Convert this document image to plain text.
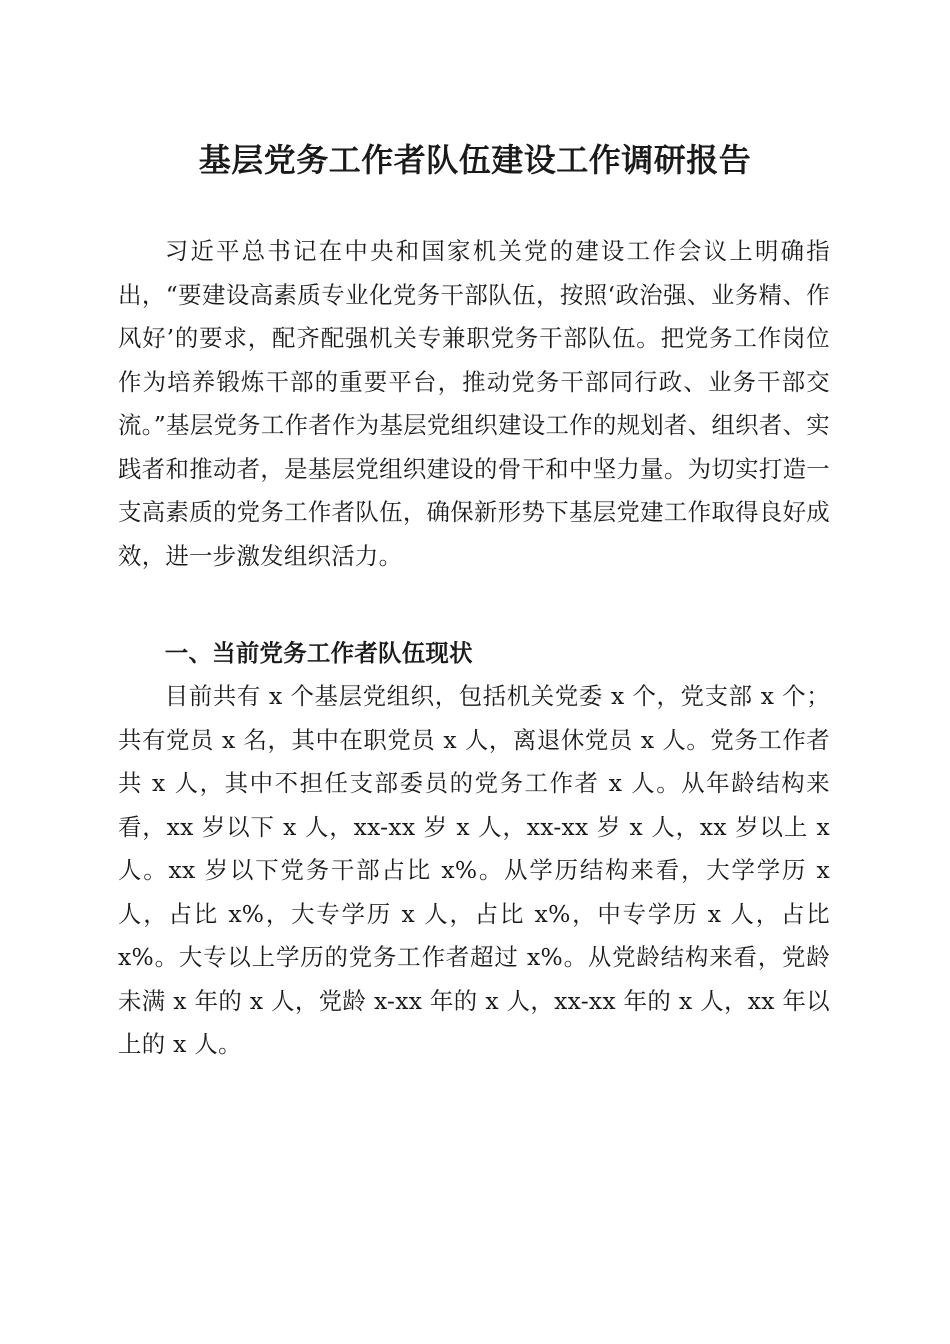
基层党务工作者队伍建设工作调研报告

习近平总书记在中央和国家机关党的建设工作会议上明确指出，“要建设高素质专业化党务干部队伍，按照‘政治强、业务精、作风好’的要求，配齐配强机关专兼职党务干部队伍。把党务工作岗位作为培养锻炼干部的重要平台，推动党务干部同行政、业务干部交流。”基层党务工作者作为基层党组织建设工作的规划者、组织者、实践者和推动者，是基层党组织建设的骨干和中坚力量。为切实打造一支高素质的党务工作者队伍，确保新形势下基层党建工作取得良好成效，进一步激发组织活力。

一、当前党务工作者队伍现状

目前共有 x 个基层党组织，包括机关党委 x 个，党支部 x 个；共有党员 x 名，其中在职党员 x 人，离退休党员 x 人。党务工作者共 x 人，其中不担任支部委员的党务工作者 x 人。从年龄结构来看，xx 岁以下 x 人，xx-xx 岁 x 人，xx-xx 岁 x 人，xx 岁以上 x 人。xx 岁以下党务干部占比 x%。从学历结构来看，大学学历 x 人，占比 x%，大专学历 x 人，占比 x%，中专学历 x 人，占比 x%。大专以上学历的党务工作者超过 x%。从党龄结构来看，党龄未满 x 年的 x 人，党龄 x-xx 年的 x 人，xx-xx 年的 x 人，xx 年以上的 x 人。
